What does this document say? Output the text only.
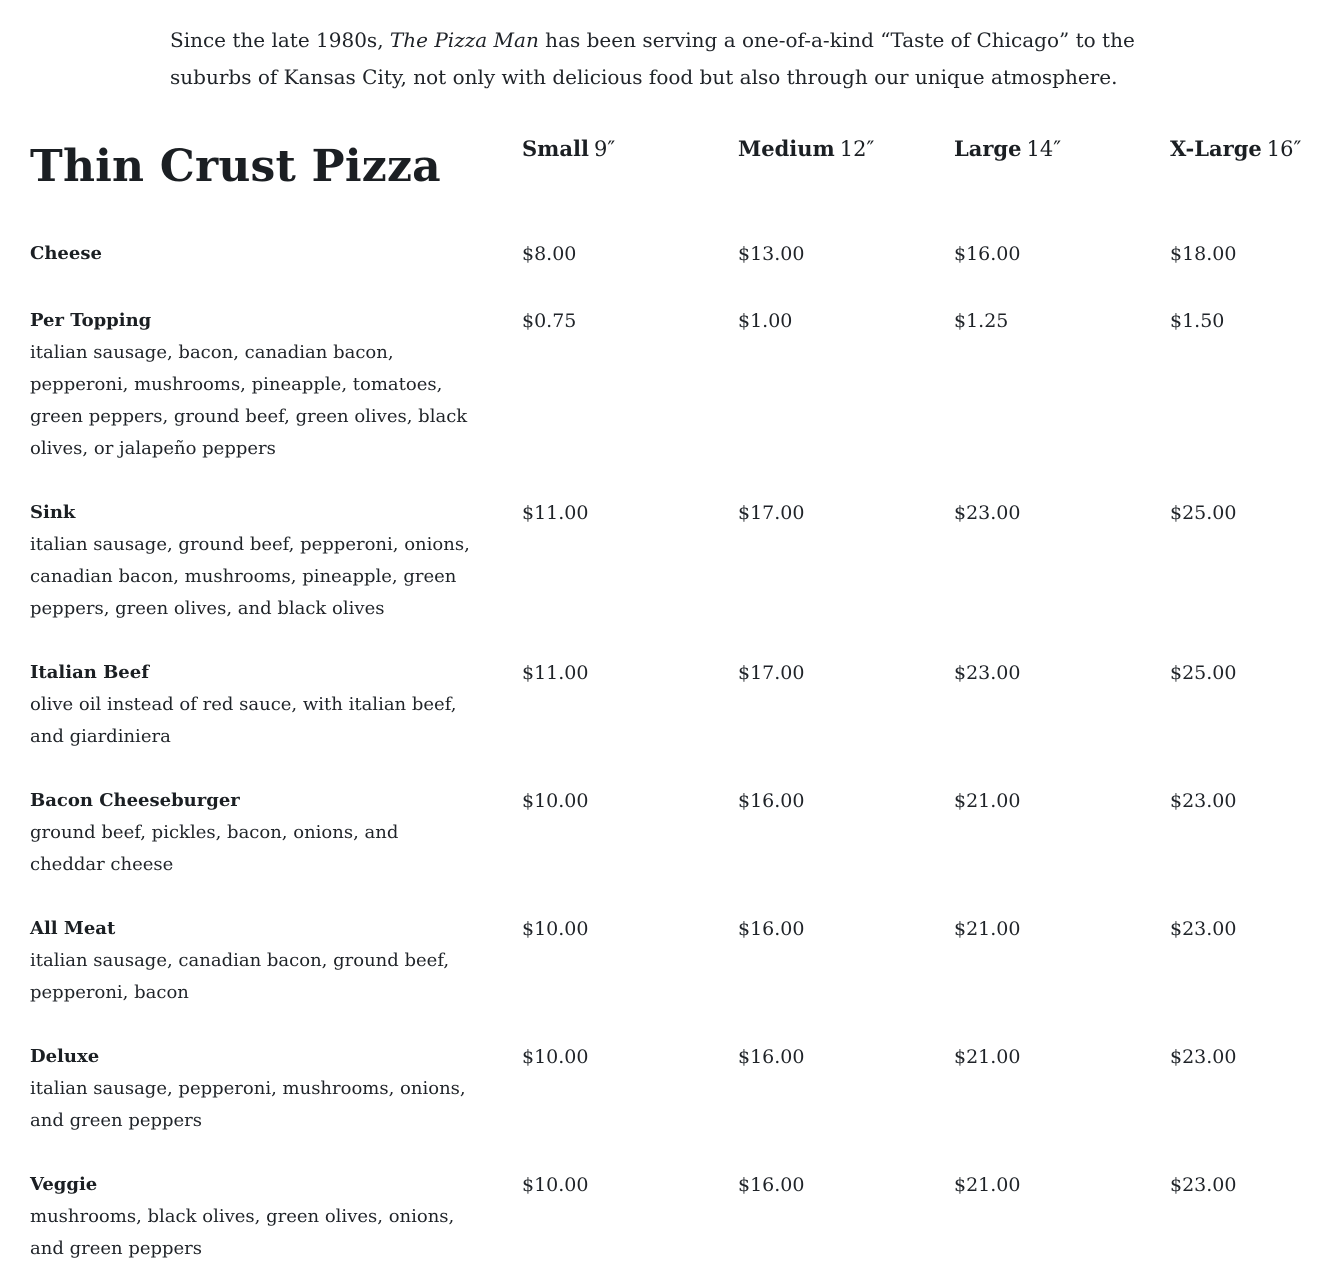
Since the late 1980s, The Pizza Man has been serving a one-of-a-kind “Taste of Chicago” to the suburbs of Kansas City, not only with delicious food but also through our unique atmosphere.

Thin Crust Pizza	Small 9″	Medium 12″	Large 14″	X-Large 16″
Cheese	$8.00	$13.00	$16.00	$18.00
Per Topping
italian sausage, bacon, canadian bacon, pepperoni, mushrooms, pineapple, tomatoes, green peppers, ground beef, green olives, black olives, or jalapeño peppers
$0.75	$1.00	$1.25	$1.50
Sink
italian sausage, ground beef, pepperoni, onions, canadian bacon, mushrooms, pineapple, green peppers, green olives, and black olives
$11.00	$17.00	$23.00	$25.00
Italian Beef
olive oil instead of red sauce, with italian beef, and giardiniera
$11.00	$17.00	$23.00	$25.00
Bacon Cheeseburger
ground beef, pickles, bacon, onions, and cheddar cheese
$10.00	$16.00	$21.00	$23.00
All Meat
italian sausage, canadian bacon, ground beef, pepperoni, bacon
$10.00	$16.00	$21.00	$23.00
Deluxe
italian sausage, pepperoni, mushrooms, onions, and green peppers
$10.00	$16.00	$21.00	$23.00
Veggie
mushrooms, black olives, green olives, onions, and green peppers
$10.00	$16.00	$21.00	$23.00
